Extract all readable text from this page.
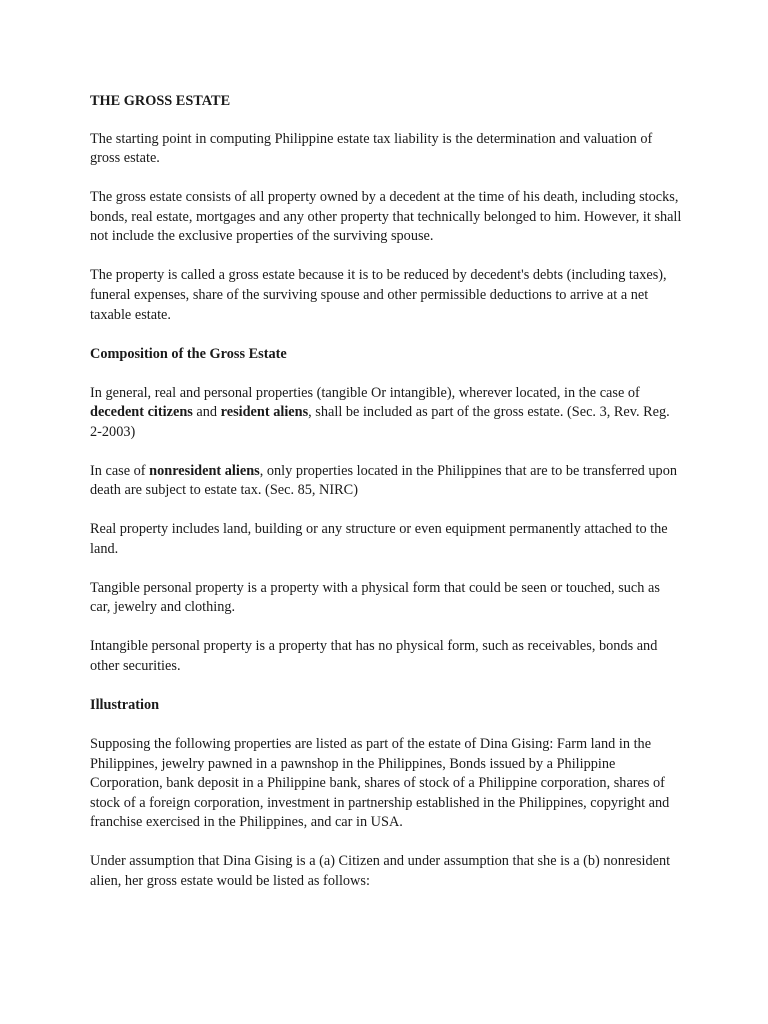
THE GROSS ESTATE

The starting point in computing Philippine estate tax liability is the determination and valuation of gross estate.

The gross estate consists of all property owned by a decedent at the time of his death, including stocks, bonds, real estate, mortgages and any other property that technically belonged to him. However, it shall not include the exclusive properties of the surviving spouse.

The property is called a gross estate because it is to be reduced by decedent's debts (including taxes), funeral expenses, share of the surviving spouse and other permissible deductions to arrive at a net taxable estate.

Composition of the Gross Estate

In general, real and personal properties (tangible Or intangible), wherever located, in the case of decedent citizens and resident aliens, shall be included as part of the gross estate. (Sec. 3, Rev. Reg. 2-2003)

In case of nonresident aliens, only properties located in the Philippines that are to be transferred upon death are subject to estate tax. (Sec. 85, NIRC)

Real property includes land, building or any structure or even equipment permanently attached to the land.

Tangible personal property is a property with a physical form that could be seen or touched, such as car, jewelry and clothing.

Intangible personal property is a property that has no physical form, such as receivables, bonds and other securities.

Illustration

Supposing the following properties are listed as part of the estate of Dina Gising: Farm land in the Philippines, jewelry pawned in a pawnshop in the Philippines, Bonds issued by a Philippine Corporation, bank deposit in a Philippine bank, shares of stock of a Philippine corporation, shares of stock of a foreign corporation, investment in partnership established in the Philippines, copyright and franchise exercised in the Philippines, and car in USA.

Under assumption that Dina Gising is a (a) Citizen and under assumption that she is a (b) nonresident alien, her gross estate would be listed as follows:
